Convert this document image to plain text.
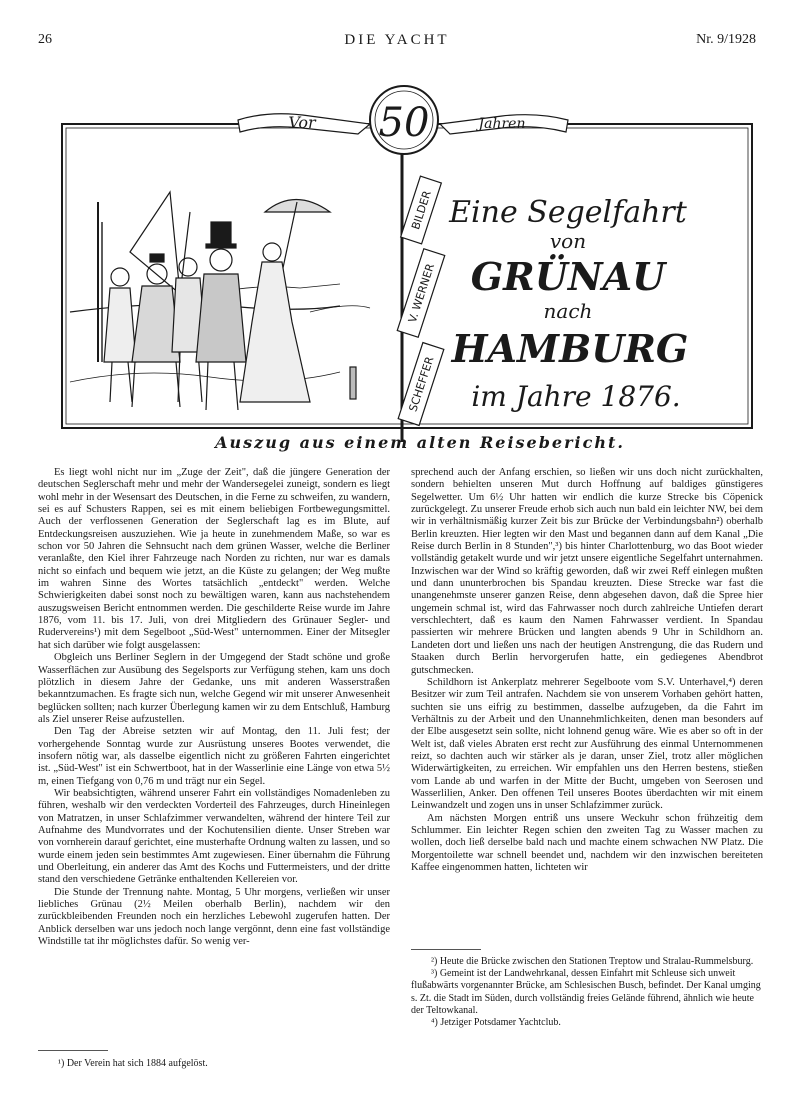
26	DIE YACHT	Nr. 9/1928
Vor	Jahren
50
BILDER
V. WERNER
SCHEFFER
Eine Segelfahrt
von
GRÜNAU
nach
HAMBURG
im Jahre 1876.
Auszug aus einem alten Reisebericht.

Es liegt wohl nicht nur im „Zuge der Zeit", daß die jüngere Generation der deutschen Seglerschaft mehr und mehr der Wandersegelei zuneigt, sondern es liegt wohl mehr in der Wesensart des Deutschen, in die Ferne zu schweifen, zu wandern, sei es auf Schusters Rappen, sei es mit einem beliebigen Fortbewegungsmittel. Auch der verflossenen Generation der Seglerschaft lag es im Blute, auf Entdeckungsreisen auszuziehen. Wie ja heute in zunehmendem Maße, so war es schon vor 50 Jahren die Sehnsucht nach dem grünen Wasser, welche die Berliner veranlaßte, den Kiel ihrer Fahrzeuge nach Norden zu richten, nur war es damals nicht so einfach und bequem wie jetzt, an die Küste zu gelangen; der Weg mußte im wahren Sinne des Wortes tatsächlich „entdeckt" werden. Welche Schwierigkeiten dabei sonst noch zu bewältigen waren, kann aus nachstehendem auszugsweisen Bericht entnommen werden. Die geschilderte Reise wurde im Jahre 1876, vom 11. bis 17. Juli, von drei Mitgliedern des Grünauer Segler- und Rudervereins¹) mit dem Segelboot „Süd-West" unternommen. Einer der Mitsegler hat sich darüber wie folgt ausgelassen:

Obgleich uns Berliner Seglern in der Umgegend der Stadt schöne und große Wasserflächen zur Ausübung des Segelsports zur Verfügung stehen, kam uns doch plötzlich in diesem Jahre der Gedanke, uns mit anderen Wasserstraßen bekanntzumachen. Es fragte sich nun, welche Gegend wir mit unserer Anwesenheit beglücken sollten; nach kurzer Überlegung kamen wir zu dem Entschluß, Hamburg als Ziel unserer Reise aufzustellen.

Den Tag der Abreise setzten wir auf Montag, den 11. Juli fest; der vorhergehende Sonntag wurde zur Ausrüstung unseres Bootes verwendet, die insofern nötig war, als dasselbe eigentlich nicht zu größeren Fahrten eingerichtet ist. „Süd-West" ist ein Schwertboot, hat in der Wasserlinie eine Länge von etwa 5½ m, einen Tiefgang von 0,76 m und trägt nur ein Segel.

Wir beabsichtigten, während unserer Fahrt ein vollständiges Nomadenleben zu führen, weshalb wir den verdeckten Vorderteil des Fahrzeuges, durch Hineinlegen von Matratzen, in unser Schlafzimmer verwandelten, während der hintere Teil zur Aufnahme des Mundvorrates und der Kochutensilien diente. Unser Streben war von vornherein darauf gerichtet, eine musterhafte Ordnung walten zu lassen, und so wurde einem jeden sein bestimmtes Amt zugewiesen. Einer übernahm die Führung und Oberleitung, ein anderer das Amt des Kochs und Futtermeisters, und der dritte stand den verschiedene Getränke enthaltenden Kellereien vor.

Die Stunde der Trennung nahte. Montag, 5 Uhr morgens, verließen wir unser liebliches Grünau (2½ Meilen oberhalb Berlin), nachdem wir den zurückbleibenden Freunden noch ein herzliches Lebewohl zugerufen hatten. Der Anblick derselben war uns jedoch noch lange vergönnt, denn eine fast vollständige Windstille tat ihr möglichstes dafür. So wenig ver-

¹) Der Verein hat sich 1884 aufgelöst.

sprechend auch der Anfang erschien, so ließen wir uns doch nicht zurückhalten, sondern behielten unseren Mut durch Hoffnung auf baldiges günstigeres Segelwetter. Um 6½ Uhr hatten wir endlich die kurze Strecke bis Cöpenick zurückgelegt. Zu unserer Freude erhob sich auch nun bald ein leichter NW, bei dem wir in verhältnismäßig kurzer Zeit bis zur Brücke der Verbindungsbahn²) oberhalb Berlin kreuzten. Hier legten wir den Mast und begannen dann auf dem Kanal „Die Reise durch Berlin in 8 Stunden",³) bis hinter Charlottenburg, wo das Boot wieder vollständig getakelt wurde und wir jetzt unsere eigentliche Segelfahrt unternahmen. Inzwischen war der Wind so kräftig geworden, daß wir zwei Reff einlegen mußten und dann ununterbrochen bis Spandau kreuzten. Diese Strecke war fast die unangenehmste unserer ganzen Reise, denn abgesehen davon, daß die Spree hier ungemein schmal ist, wird das Fahrwasser noch durch zahlreiche Untiefen derart verschlechtert, daß es kaum den Namen Fahrwasser verdient. In Spandau passierten wir mehrere Brücken und langten abends 9 Uhr in Schildhorn an. Landeten dort und ließen uns nach der heutigen Anstrengung, die das Rudern und Staaken durch Berlin hervorgerufen hatte, ein gediegenes Abendbrot gutschmecken.

Schildhorn ist Ankerplatz mehrerer Segelboote vom S.V. Unterhavel,⁴) deren Besitzer wir zum Teil antrafen. Nachdem sie von unserem Vorhaben gehört hatten, suchten sie uns eifrig zu bestimmen, dasselbe aufzugeben, da die Fahrt im Verhältnis zu der Arbeit und den Unannehmlichkeiten, denen man besonders auf der Elbe ausgesetzt sein sollte, nicht lohnend genug wäre. Wie es aber so oft in der Welt ist, daß vieles Abraten erst recht zur Ausführung des einmal Unternommenen reizt, so dachten auch wir stärker als je daran, unser Ziel, trotz aller möglichen Widerwärtigkeiten, zu erreichen. Wir empfahlen uns den Herren bestens, stießen vom Lande ab und warfen in der Mitte der Bucht, umgeben von Seerosen und Wasserlilien, Anker. Den offenen Teil unseres Bootes überdachten wir mit einem Leinwandzelt und zogen uns in unser Schlafzimmer zurück.

Am nächsten Morgen entriß uns unsere Weckuhr schon frühzeitig dem Schlummer. Ein leichter Regen schien den zweiten Tag zu Wasser machen zu wollen, doch ließ derselbe bald nach und machte einem schwachen NW Platz. Die Morgentoilette war schnell beendet und, nachdem wir den inzwischen bereiteten Kaffee eingenommen hatten, lichteten wir

²) Heute die Brücke zwischen den Stationen Treptow und Stralau-Rummelsburg.

³) Gemeint ist der Landwehrkanal, dessen Einfahrt mit Schleuse sich unweit flußabwärts vorgenannter Brücke, am Schlesischen Busch, befindet. Der Kanal umging s. Zt. die Stadt im Süden, durch vollständig freies Gelände führend, ähnlich wie heute der Teltowkanal.

⁴) Jetziger Potsdamer Yachtclub.
